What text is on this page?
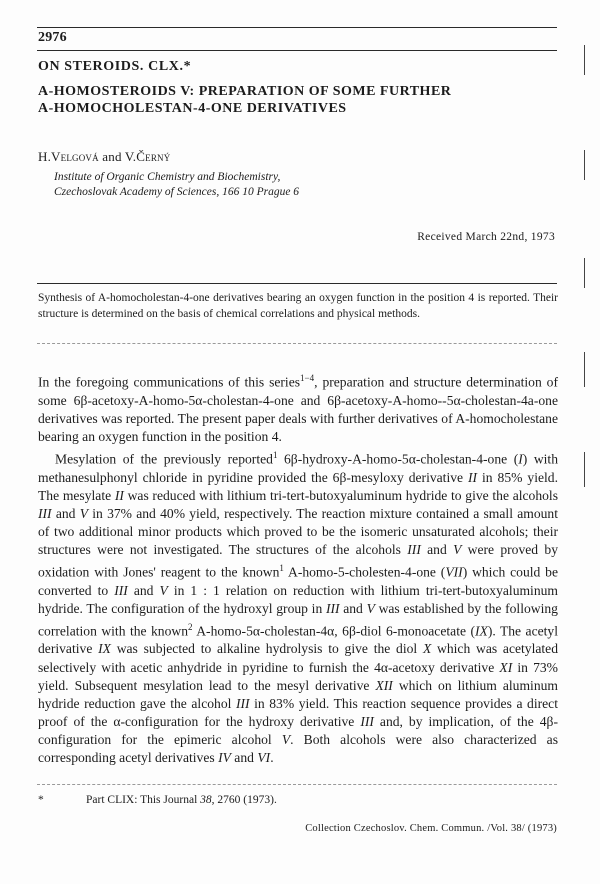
2976
ON STEROIDS. CLX.*
A-HOMOSTEROIDS V: PREPARATION OF SOME FURTHER
A-HOMOCHOLESTAN-4-ONE DERIVATIVES
H.Velgová and V.Černý
Institute of Organic Chemistry and Biochemistry,
Czechoslovak Academy of Sciences, 166 10 Prague 6
Received March 22nd, 1973
Synthesis of A-homocholestan-4-one derivatives bearing an oxygen function in the position 4 is reported. Their structure is determined on the basis of chemical correlations and physical methods.

In the foregoing communications of this series$^{1-4}$, preparation and structure determination of some 6β-acetoxy-A-homo-5α-cholestan-4-one and 6β-acetoxy-A-homo--5α-cholestan-4a-one derivatives was reported. The present paper deals with further derivatives of A-homocholestane bearing an oxygen function in the position 4.

Mesylation of the previously reported$^1$ 6β-hydroxy-A-homo-5α-cholestan-4-one (I) with methanesulphonyl chloride in pyridine provided the 6β-mesyloxy derivative II in 85% yield. The mesylate II was reduced with lithium tri-tert-butoxyaluminum hydride to give the alcohols III and V in 37% and 40% yield, respectively. The reaction mixture contained a small amount of two additional minor products which proved to be the isomeric unsaturated alcohols; their structures were not investigated. The structures of the alcohols III and V were proved by oxidation with Jones' reagent to the known$^1$ A-homo-5-cholesten-4-one (VII) which could be converted to III and V in 1 : 1 relation on reduction with lithium tri-tert-butoxyaluminum hydride. The configuration of the hydroxyl group in III and V was established by the following correlation with the known$^2$ A-homo-5α-cholestan-4α, 6β-diol 6-monoacetate (IX). The acetyl derivative IX was subjected to alkaline hydrolysis to give the diol X which was acetylated selectively with acetic anhydride in pyridine to furnish the 4α-acetoxy derivative XI in 73% yield. Subsequent mesylation lead to the mesyl derivative XII which on lithium aluminum hydride reduction gave the alcohol III in 83% yield. This reaction sequence provides a direct proof of the α-configuration for the hydroxy derivative III and, by implication, of the 4β-configuration for the epimeric alcohol V. Both alcohols were also characterized as corresponding acetyl derivatives IV and VI.

*	Part CLIX: This Journal 38, 2760 (1973).
Collection Czechoslov. Chem. Commun. /Vol. 38/ (1973)
